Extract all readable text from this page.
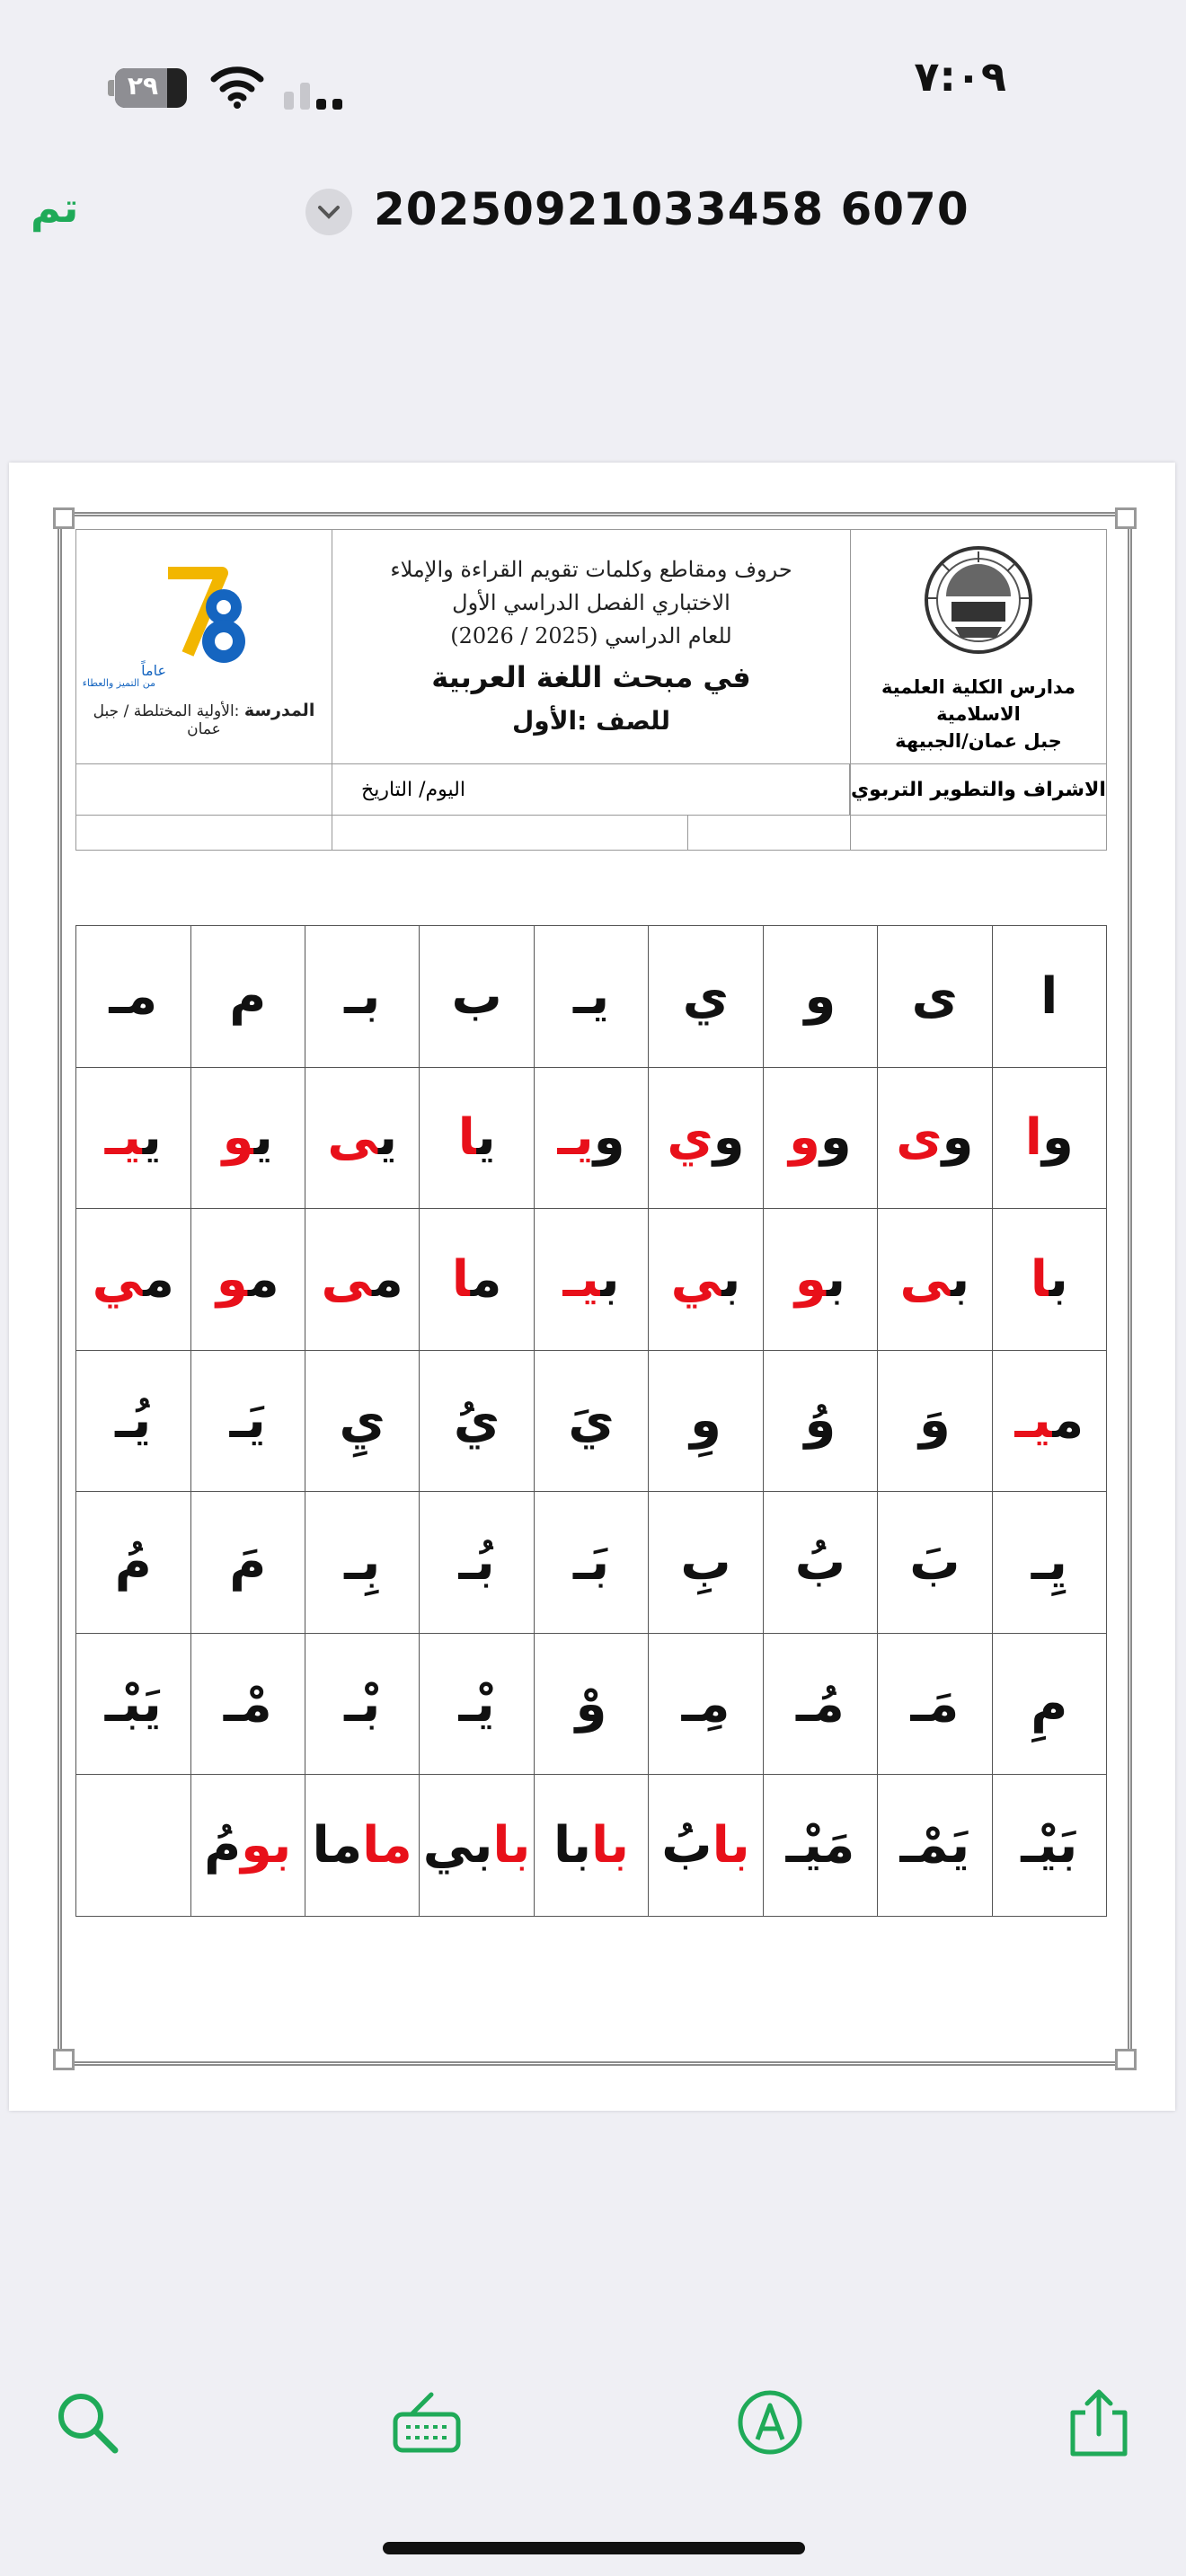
٧:٠٩
٢٩
تم	20250921033458 6070
عاماً
من التميز والعطاء
المدرسة :الأولية المختلطة / جبل عمان

حروف ومقاطع وكلمات تقويم القراءة والإملاء
الاختباري الفصل الدراسي الأول
للعام الدراسي (2025 / 2026)
في مبحث اللغة العربية
للصف :الأول

مدارس الكلية العلمية الاسلامية
جبل عمان/الجبيهة

	اليوم/ التاريخ
		الاشراف والتطوير التربوي

ا	ى	و	ي	يـ	ب	بـ	م	مـ
وا	وى	وو	وي	ويـ	يا	يى	يو	ييـ
با	بى	بو	بي	بيـ	ما	مى	مو	مي
ميـ	وَ	وُ	وِ	يَ	يُ	يِ	يَـ	يُـ
يِـ	بَ	بُ	بِ	بَـ	بُـ	بِـ	مَ	مُ
مِ	مَـ	مُـ	مِـ	وْ	يْـ	بْـ	مْـ	يَبْـ
بَيْـ	يَمْـ	مَيْـ	بابُ	بابا	بابي	ماما	بومُ	
